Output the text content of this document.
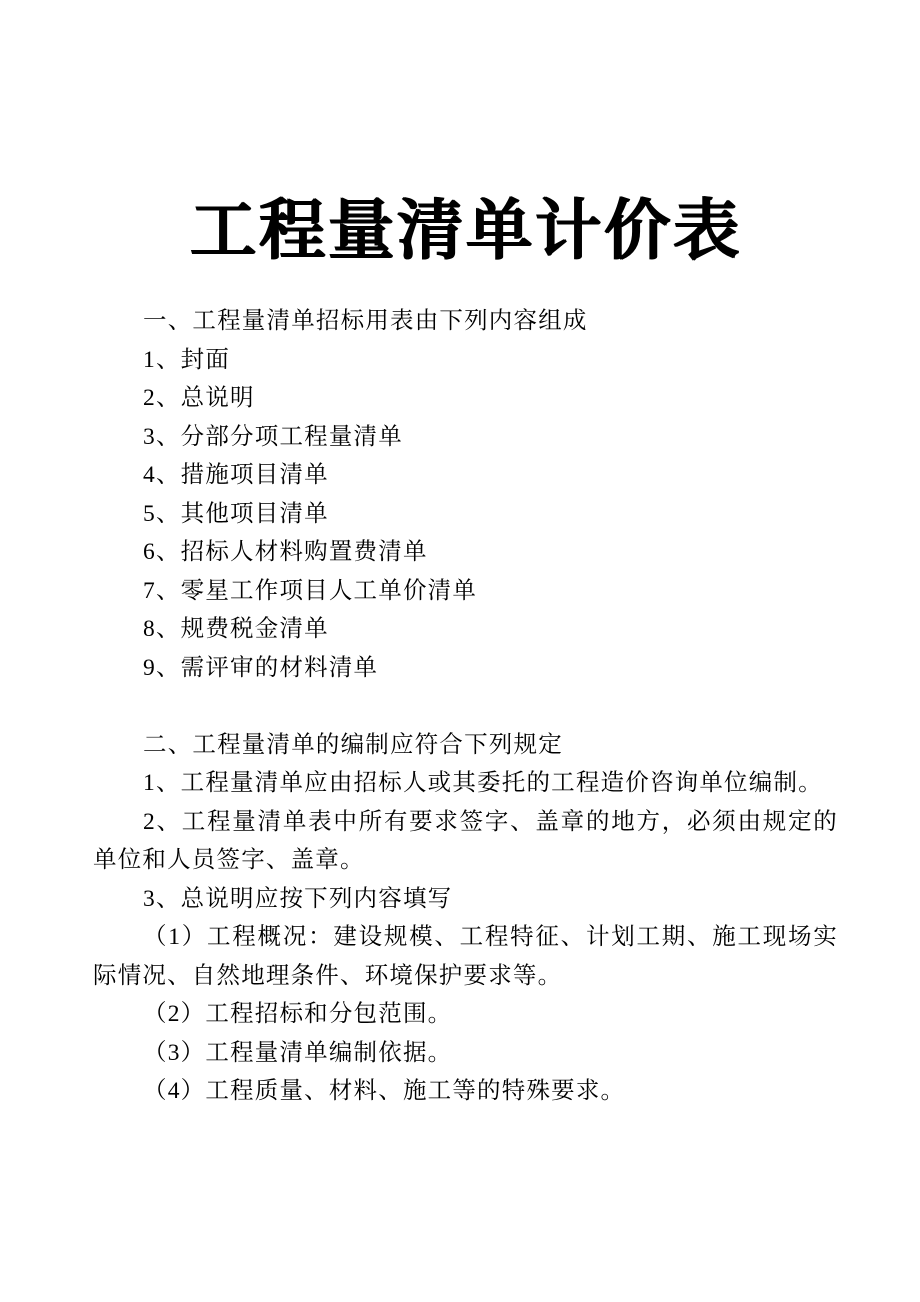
工程量清单计价表

一、工程量清单招标用表由下列内容组成

1、封面

2、总说明

3、分部分项工程量清单

4、措施项目清单

5、其他项目清单

6、招标人材料购置费清单

7、零星工作项目人工单价清单

8、规费税金清单

9、需评审的材料清单

二、工程量清单的编制应符合下列规定

1、工程量清单应由招标人或其委托的工程造价咨询单位编制。

2、工程量清单表中所有要求签字、盖章的地方，必须由规定的单位和人员签字、盖章。

3、总说明应按下列内容填写

（1）工程概况：建设规模、工程特征、计划工期、施工现场实际情况、自然地理条件、环境保护要求等。

（2）工程招标和分包范围。

（3）工程量清单编制依据。

（4）工程质量、材料、施工等的特殊要求。
